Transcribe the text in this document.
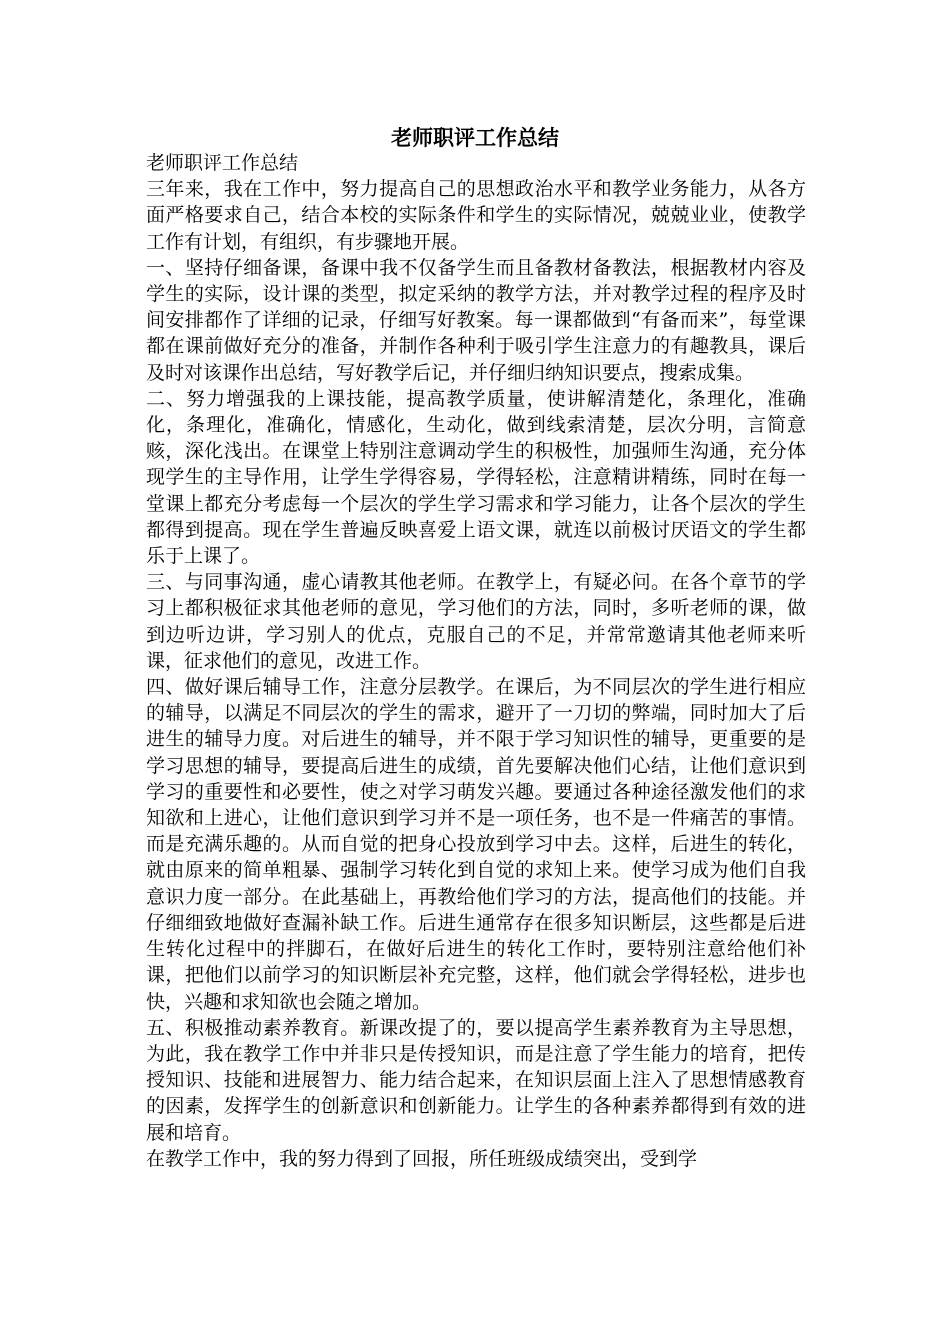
老师职评工作总结

老师职评工作总结

三年来，我在工作中，努力提高自己的思想政治水平和教学业务能力，从各方面严格要求自己，结合本校的实际条件和学生的实际情况，兢兢业业，使教学工作有计划，有组织，有步骤地开展。

一、坚持仔细备课，备课中我不仅备学生而且备教材备教法，根据教材内容及学生的实际，设计课的类型，拟定采纳的教学方法，并对教学过程的程序及时间安排都作了详细的记录，仔细写好教案。每一课都做到“有备而来”，每堂课都在课前做好充分的准备，并制作各种利于吸引学生注意力的有趣教具，课后及时对该课作出总结，写好教学后记，并仔细归纳知识要点，搜索成集。

二、努力增强我的上课技能，提高教学质量，使讲解清楚化，条理化，准确化，条理化，准确化，情感化，生动化，做到线索清楚，层次分明，言简意赅，深化浅出。在课堂上特别注意调动学生的积极性，加强师生沟通，充分体现学生的主导作用，让学生学得容易，学得轻松，注意精讲精练，同时在每一堂课上都充分考虑每一个层次的学生学习需求和学习能力，让各个层次的学生都得到提高。现在学生普遍反映喜爱上语文课，就连以前极讨厌语文的学生都乐于上课了。

三、与同事沟通，虚心请教其他老师。在教学上，有疑必问。在各个章节的学习上都积极征求其他老师的意见，学习他们的方法，同时，多听老师的课，做到边听边讲，学习别人的优点，克服自己的不足，并常常邀请其他老师来听课，征求他们的意见，改进工作。

四、做好课后辅导工作，注意分层教学。在课后，为不同层次的学生进行相应的辅导，以满足不同层次的学生的需求，避开了一刀切的弊端，同时加大了后进生的辅导力度。对后进生的辅导，并不限于学习知识性的辅导，更重要的是学习思想的辅导，要提高后进生的成绩，首先要解决他们心结，让他们意识到学习的重要性和必要性，使之对学习萌发兴趣。要通过各种途径激发他们的求知欲和上进心，让他们意识到学习并不是一项任务，也不是一件痛苦的事情。而是充满乐趣的。从而自觉的把身心投放到学习中去。这样，后进生的转化，就由原来的简单粗暴、强制学习转化到自觉的求知上来。使学习成为他们自我意识力度一部分。在此基础上，再教给他们学习的方法，提高他们的技能。并仔细细致地做好查漏补缺工作。后进生通常存在很多知识断层，这些都是后进生转化过程中的拌脚石，在做好后进生的转化工作时，要特别注意给他们补课，把他们以前学习的知识断层补充完整，这样，他们就会学得轻松，进步也快，兴趣和求知欲也会随之增加。

五、积极推动素养教育。新课改提了的，要以提高学生素养教育为主导思想，为此，我在教学工作中并非只是传授知识，而是注意了学生能力的培育，把传授知识、技能和进展智力、能力结合起来，在知识层面上注入了思想情感教育的因素，发挥学生的创新意识和创新能力。让学生的各种素养都得到有效的进展和培育。

在教学工作中，我的努力得到了回报，所任班级成绩突出，受到学
